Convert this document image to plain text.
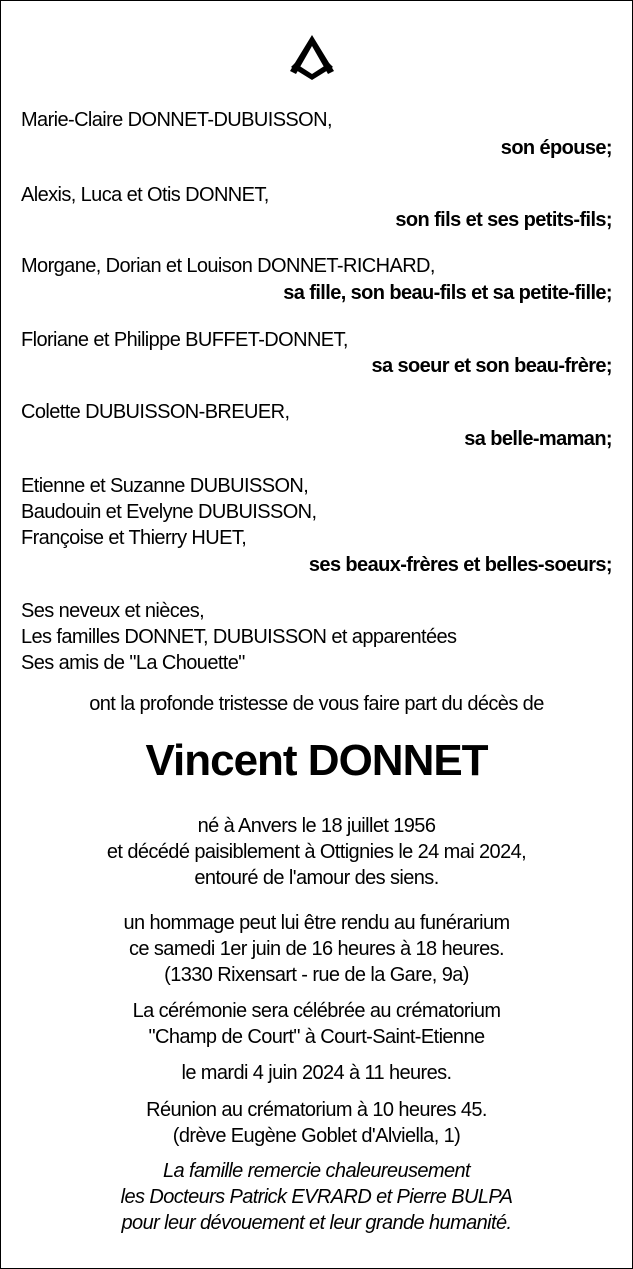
Marie-Claire DONNET-DUBUISSON,
son épouse;
Alexis, Luca et Otis DONNET,
son fils et ses petits-fils;
Morgane, Dorian et Louison DONNET-RICHARD,
sa fille, son beau-fils et sa petite-fille;
Floriane et Philippe BUFFET-DONNET,
sa soeur et son beau-frère;
Colette DUBUISSON-BREUER,
sa belle-maman;
Etienne et Suzanne DUBUISSON,
Baudouin et Evelyne DUBUISSON,
Françoise et Thierry HUET,
ses beaux-frères et belles-soeurs;
Ses neveux et nièces,
Les familles DONNET, DUBUISSON et apparentées
Ses amis de "La Chouette"
ont la profonde tristesse de vous faire part du décès de
Vincent DONNET
né à Anvers le 18 juillet 1956
et décédé paisiblement à Ottignies le 24 mai 2024,
entouré de l'amour des siens.
un hommage peut lui être rendu au funérarium
ce samedi 1er juin de 16 heures à 18 heures.
(1330 Rixensart - rue de la Gare, 9a)
La cérémonie sera célébrée au crématorium
"Champ de Court" à Court-Saint-Etienne
le mardi 4 juin 2024 à 11 heures.
Réunion au crématorium à 10 heures 45.
(drève Eugène Goblet d'Alviella, 1)
La famille remercie chaleureusement
les Docteurs Patrick EVRARD et Pierre BULPA
pour leur dévouement et leur grande humanité.
